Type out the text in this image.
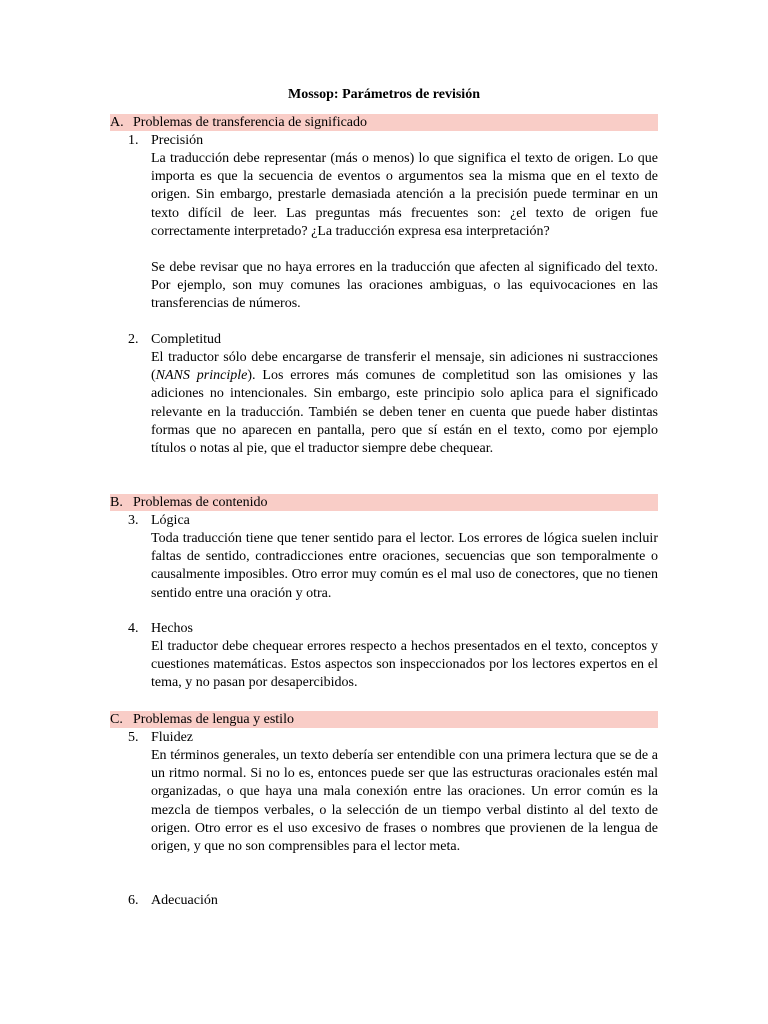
Mossop: Parámetros de revisión
A. Problemas de transferencia de significado
1. Precisión
La traducción debe representar (más o menos) lo que significa el texto de origen. Lo que importa es que la secuencia de eventos o argumentos sea la misma que en el texto de origen. Sin embargo, prestarle demasiada atención a la precisión puede terminar en un texto difícil de leer. Las preguntas más frecuentes son: ¿el texto de origen fue correctamente interpretado? ¿La traducción expresa esa interpretación?
Se debe revisar que no haya errores en la traducción que afecten al significado del texto. Por ejemplo, son muy comunes las oraciones ambiguas, o las equivocaciones en las transferencias de números.
2. Completitud
El traductor sólo debe encargarse de transferir el mensaje, sin adiciones ni sustracciones (NANS principle). Los errores más comunes de completitud son las omisiones y las adiciones no intencionales. Sin embargo, este principio solo aplica para el significado relevante en la traducción. También se deben tener en cuenta que puede haber distintas formas que no aparecen en pantalla, pero que sí están en el texto, como por ejemplo títulos o notas al pie, que el traductor siempre debe chequear.
B. Problemas de contenido
3. Lógica
Toda traducción tiene que tener sentido para el lector. Los errores de lógica suelen incluir faltas de sentido, contradicciones entre oraciones, secuencias que son temporalmente o causalmente imposibles. Otro error muy común es el mal uso de conectores, que no tienen sentido entre una oración y otra.
4. Hechos
El traductor debe chequear errores respecto a hechos presentados en el texto, conceptos y cuestiones matemáticas. Estos aspectos son inspeccionados por los lectores expertos en el tema, y no pasan por desapercibidos.
C. Problemas de lengua y estilo
5. Fluidez
En términos generales, un texto debería ser entendible con una primera lectura que se de a un ritmo normal. Si no lo es, entonces puede ser que las estructuras oracionales estén mal organizadas, o que haya una mala conexión entre las oraciones. Un error común es la mezcla de tiempos verbales, o la selección de un tiempo verbal distinto al del texto de origen. Otro error es el uso excesivo de frases o nombres que provienen de la lengua de origen, y que no son comprensibles para el lector meta.
6. Adecuación
